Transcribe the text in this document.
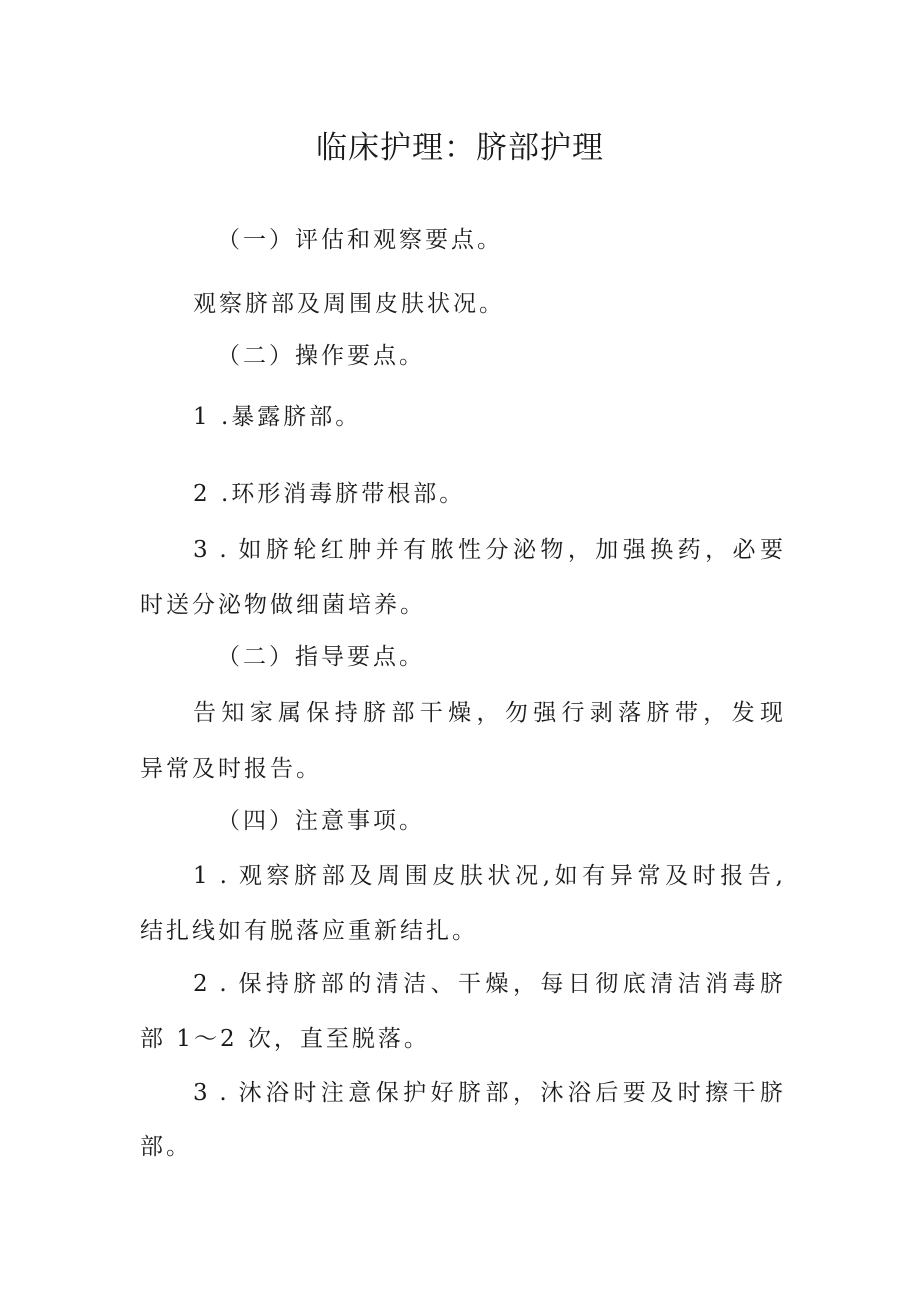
临床护理：脐部护理

（一）评估和观察要点。

观察脐部及周围皮肤状况。

（二）操作要点。

1 .暴露脐部。

2 .环形消毒脐带根部。

3 . 如脐轮红肿并有脓性分泌物，加强换药，必要

时送分泌物做细菌培养。

（二）指导要点。

告知家属保持脐部干燥，勿强行剥落脐带，发现

异常及时报告。

（四）注意事项。

1 . 观察脐部及周围皮肤状况,如有异常及时报告,

结扎线如有脱落应重新结扎。

2 . 保持脐部的清洁、干燥，每日彻底清洁消毒脐

部 1～2 次，直至脱落。

3 . 沐浴时注意保护好脐部，沐浴后要及时擦干脐

部。
